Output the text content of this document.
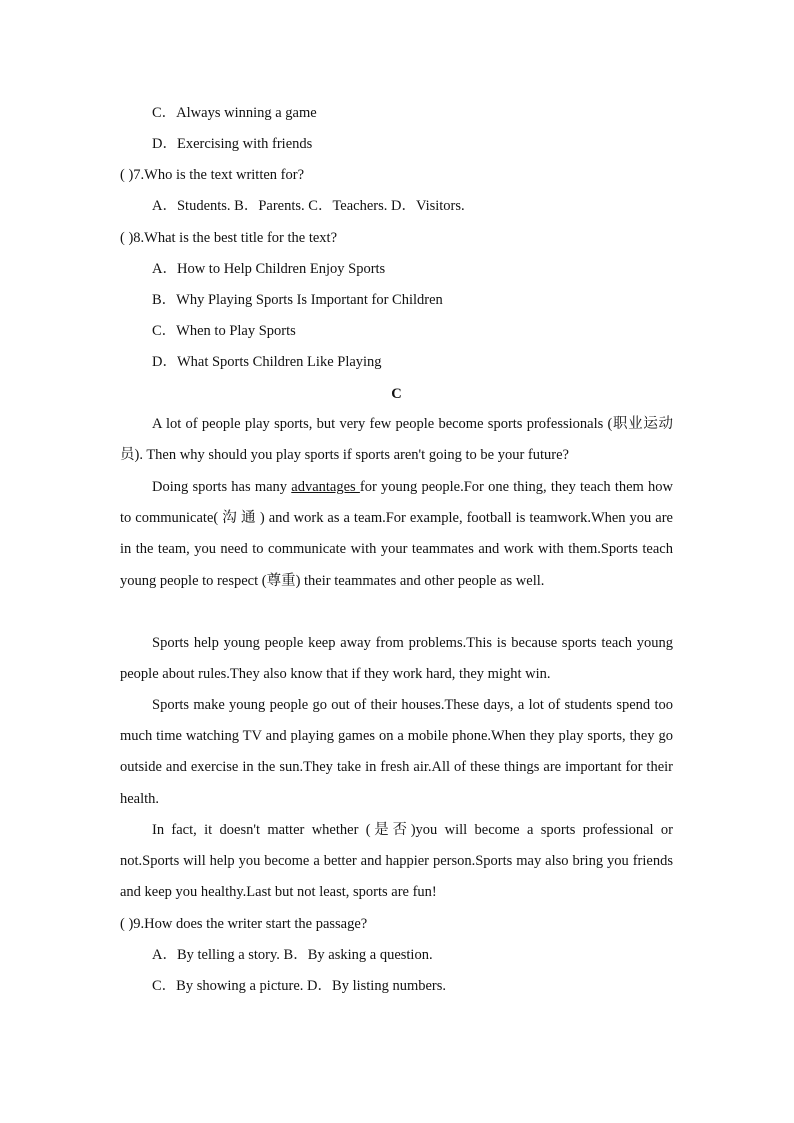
C．Always winning a game
D．Exercising with friends
( )7.Who is the text written for?
A．Students. B．Parents. C．Teachers. D．Visitors.
( )8.What is the best title for the text?
A．How to Help Children Enjoy Sports
B．Why Playing Sports Is Important for Children
C．When to Play Sports
D．What Sports Children Like Playing
C
A lot of people play sports, but very few people become sports professionals (职业运动员). Then why should you play sports if sports aren't going to be your future?
Doing sports has many advantages for young people.For one thing, they teach them how to communicate( 沟 通 ) and work as a team.For example, football is teamwork.When you are in the team, you need to communicate with your teammates and work with them.Sports teach young people to respect (尊重) their teammates and other people as well.
Sports help young people keep away from problems.This is because sports teach young people about rules.They also know that if they work hard, they might win.
Sports make young people go out of their houses.These days, a lot of students spend too much time watching TV and playing games on a mobile phone.When they play sports, they go outside and exercise in the sun.They take in fresh air.All of these things are important for their health.
In fact, it doesn't matter whether (是否)you will become a sports professional or not.Sports will help you become a better and happier person.Sports may also bring you friends and keep you healthy.Last but not least, sports are fun!
( )9.How does the writer start the passage?
A．By telling a story. B．By asking a question.
C．By showing a picture. D．By listing numbers.
